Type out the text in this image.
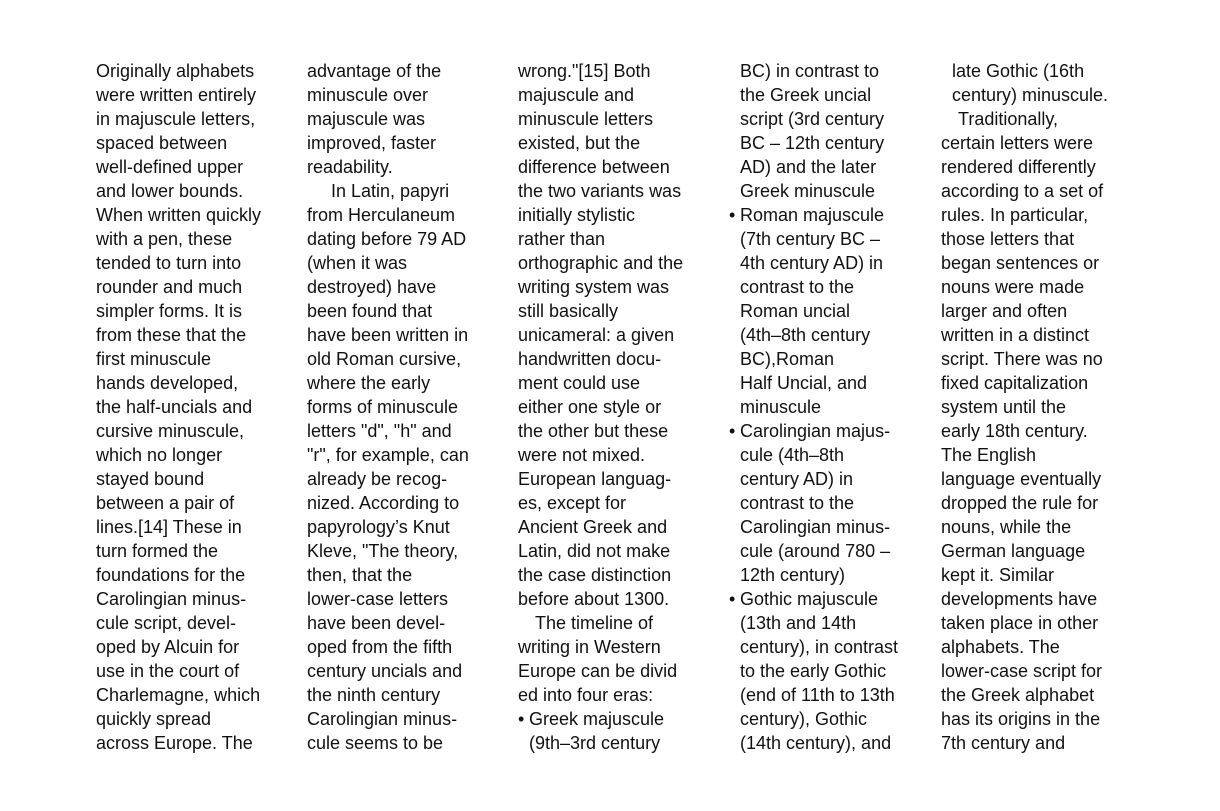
Originally alphabets
were written entirely
in majuscule letters,
spaced between
well-defined upper
and lower bounds.
When written quickly
with a pen, these
tended to turn into
rounder and much
simpler forms. It is
from these that the
first minuscule
hands developed,
the half-uncials and
cursive minuscule,
which no longer
stayed bound
between a pair of
lines.[14] These in
turn formed the
foundations for the
Carolingian minus-
cule script, devel-
oped by Alcuin for
use in the court of
Charlemagne, which
quickly spread
across Europe. The
advantage of the
minuscule over
majuscule was
improved, faster
readability.
In Latin, papyri
from Herculaneum
dating before 79 AD
(when it was
destroyed) have
been found that
have been written in
old Roman cursive,
where the early
forms of minuscule
letters "d", "h" and
"r", for example, can
already be recog-
nized. According to
papyrology’s Knut
Kleve, "The theory,
then, that the
lower-case letters
have been devel-
oped from the fifth
century uncials and
the ninth century
Carolingian minus-
cule seems to be
wrong."[15] Both
majuscule and
minuscule letters
existed, but the
difference between
the two variants was
initially stylistic
rather than
orthographic and the
writing system was
still basically
unicameral: a given
handwritten docu-
ment could use
either one style or
the other but these
were not mixed.
European languag-
es, except for
Ancient Greek and
Latin, did not make
the case distinction
before about 1300.
The timeline of
writing in Western
Europe can be divid
ed into four eras:
• Greek majuscule
(9th–3rd century
BC) in contrast to
the Greek uncial
script (3rd century
BC – 12th century
AD) and the later
Greek minuscule
• Roman majuscule
(7th century BC –
4th century AD) in
contrast to the
Roman uncial
(4th–8th century
BC),Roman
Half Uncial, and
minuscule
• Carolingian majus-
cule (4th–8th
century AD) in
contrast to the
Carolingian minus-
cule (around 780 –
12th century)
• Gothic majuscule
(13th and 14th
century), in contrast
to the early Gothic
(end of 11th to 13th
century), Gothic
(14th century), and
late Gothic (16th
century) minuscule.
Traditionally,
certain letters were
rendered differently
according to a set of
rules. In particular,
those letters that
began sentences or
nouns were made
larger and often
written in a distinct
script. There was no
fixed capitalization
system until the
early 18th century.
The English
language eventually
dropped the rule for
nouns, while the
German language
kept it. Similar
developments have
taken place in other
alphabets. The
lower-case script for
the Greek alphabet
has its origins in the
7th century and
